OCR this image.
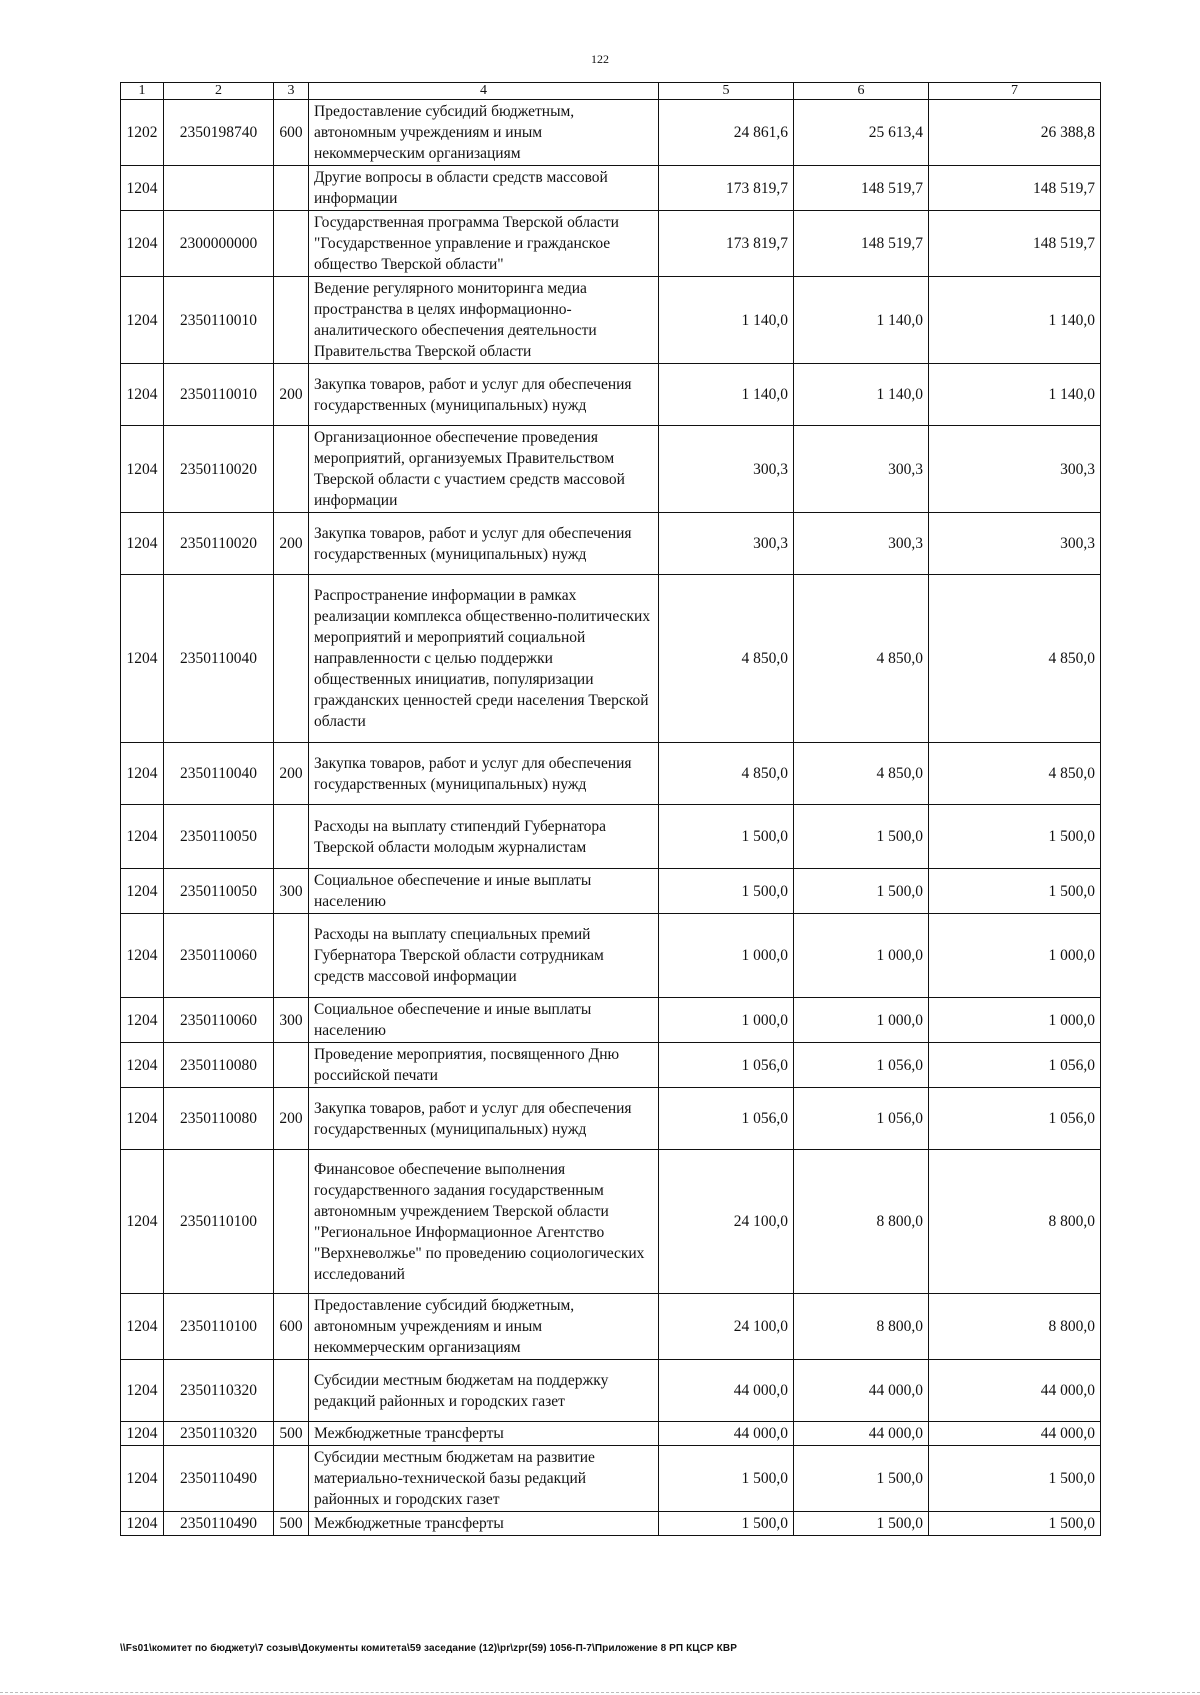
122
1	2	3	4	5	6	7
1202	2350198740	600	Предоставление субсидий бюджетным, автономным учреждениям и иным некоммерческим организациям	24 861,6	25 613,4	26 388,8
1204			Другие вопросы в области средств массовой информации	173 819,7	148 519,7	148 519,7
1204	2300000000		Государственная программа Тверской области "Государственное управление и гражданское общество Тверской области"	173 819,7	148 519,7	148 519,7
1204	2350110010		Ведение регулярного мониторинга медиа пространства в целях информационно-аналитического обеспечения деятельности Правительства Тверской области	1 140,0	1 140,0	1 140,0
1204	2350110010	200	Закупка товаров, работ и услуг для обеспечения государственных (муниципальных) нужд	1 140,0	1 140,0	1 140,0
1204	2350110020		Организационное обеспечение проведения мероприятий, организуемых Правительством Тверской области с участием средств массовой информации	300,3	300,3	300,3
1204	2350110020	200	Закупка товаров, работ и услуг для обеспечения государственных (муниципальных) нужд	300,3	300,3	300,3
1204	2350110040		Распространение информации в рамках реализации комплекса общественно-политических мероприятий и мероприятий социальной направленности с целью поддержки общественных инициатив, популяризации гражданских ценностей среди населения Тверской области	4 850,0	4 850,0	4 850,0
1204	2350110040	200	Закупка товаров, работ и услуг для обеспечения государственных (муниципальных) нужд	4 850,0	4 850,0	4 850,0
1204	2350110050		Расходы на выплату стипендий Губернатора Тверской области молодым журналистам	1 500,0	1 500,0	1 500,0
1204	2350110050	300	Социальное обеспечение и иные выплаты населению	1 500,0	1 500,0	1 500,0
1204	2350110060		Расходы на выплату специальных премий Губернатора Тверской области сотрудникам средств массовой информации	1 000,0	1 000,0	1 000,0
1204	2350110060	300	Социальное обеспечение и иные выплаты населению	1 000,0	1 000,0	1 000,0
1204	2350110080		Проведение мероприятия, посвященного Дню российской печати	1 056,0	1 056,0	1 056,0
1204	2350110080	200	Закупка товаров, работ и услуг для обеспечения государственных (муниципальных) нужд	1 056,0	1 056,0	1 056,0
1204	2350110100		Финансовое обеспечение выполнения государственного задания государственным автономным учреждением Тверской области "Региональное Информационное Агентство "Верхневолжье" по проведению социологических исследований	24 100,0	8 800,0	8 800,0
1204	2350110100	600	Предоставление субсидий бюджетным, автономным учреждениям и иным некоммерческим организациям	24 100,0	8 800,0	8 800,0
1204	2350110320		Субсидии местным бюджетам на поддержку редакций районных и городских газет	44 000,0	44 000,0	44 000,0
1204	2350110320	500	Межбюджетные трансферты	44 000,0	44 000,0	44 000,0
1204	2350110490		Субсидии местным бюджетам на развитие материально-технической базы редакций районных и городских газет	1 500,0	1 500,0	1 500,0
1204	2350110490	500	Межбюджетные трансферты	1 500,0	1 500,0	1 500,0
\\Fs01\комитет по бюджету\7 созыв\Документы комитета\59 заседание (12)\pr\zpr(59) 1056-П-7\Приложение 8 РП КЦСР КВР
